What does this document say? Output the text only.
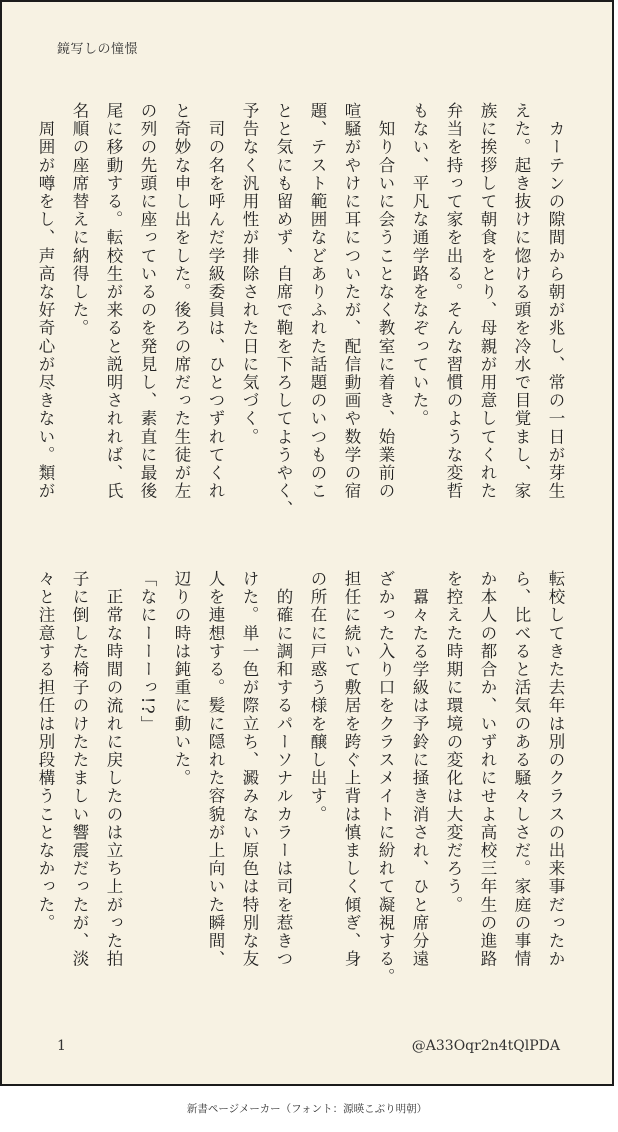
鏡写しの憧憬
　カーテンの隙間から朝が兆し、常の一日が芽生
えた。起き抜けに惚ける頭を冷水で目覚まし、家
族に挨拶して朝食をとり、母親が用意してくれた
弁当を持って家を出る。そんな習慣のような変哲
もない、平凡な通学路をなぞっていた。
　知り合いに会うことなく教室に着き、始業前の
喧騒がやけに耳についたが、配信動画や数学の宿
題、テスト範囲などありふれた話題のいつものこ
とと気にも留めず、自席で鞄を下ろしてようやく、
予告なく汎用性が排除された日に気づく。
　司の名を呼んだ学級委員は、ひとつずれてくれ
と奇妙な申し出をした。後ろの席だった生徒が左
の列の先頭に座っているのを発見し、素直に最後
尾に移動する。転校生が来ると説明されれば、氏
名順の座席替えに納得した。
　周囲が噂をし、声高な好奇心が尽きない。類が
転校してきた去年は別のクラスの出来事だったか
ら、比べると活気のある騒々しさだ。家庭の事情
か本人の都合か、いずれにせよ高校三年生の進路
を控えた時期に環境の変化は大変だろう。
　囂々たる学級は予鈴に掻き消され、ひと席分遠
ざかった入り口をクラスメイトに紛れて凝視する。
担任に続いて敷居を跨ぐ上背は慎ましく傾ぎ、身
の所在に戸惑う様を醸し出す。
　的確に調和するパーソナルカラーは司を惹きつ
けた。単一色が際立ち、澱みない原色は特別な友
人を連想する。髪に隠れた容貌が上向いた瞬間、
辺りの時は鈍重に動いた。
「なにーーーっ!?」
　正常な時間の流れに戻したのは立ち上がった拍
子に倒した椅子のけたたましい響震だったが、淡
々と注意する担任は別段構うことなかった。
1	@A33Oqr2n4tQlPDA
新書ページメーカー（フォント：源暎こぶり明朝）
